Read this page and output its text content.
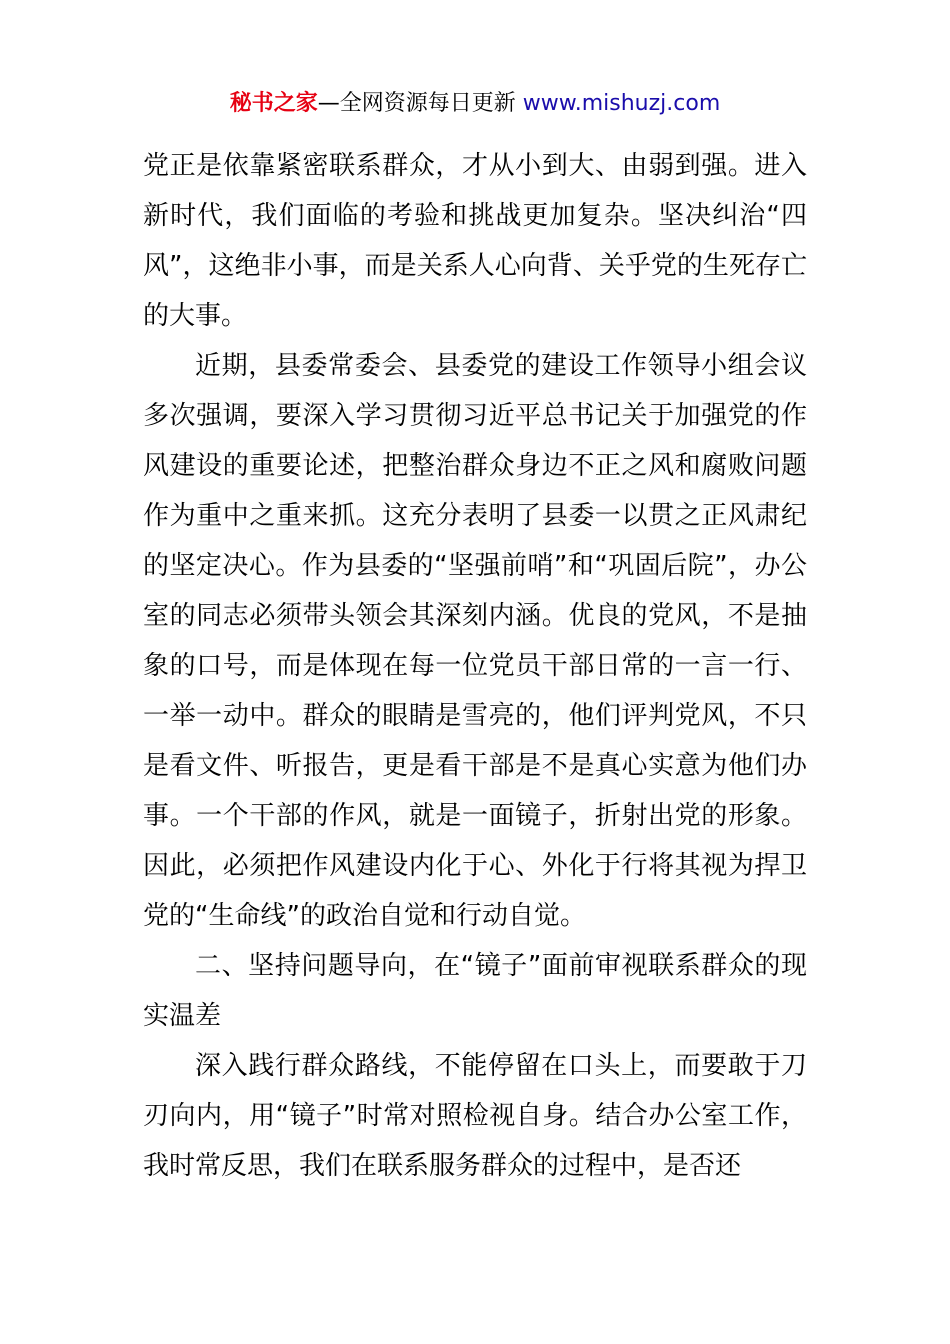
秘书之家—全网资源每日更新 www.mishuzj.com

党正是依靠紧密联系群众，才从小到大、由弱到强。进入新时代，我们面临的考验和挑战更加复杂。坚决纠治“四风”，这绝非小事，而是关系人心向背、关乎党的生死存亡的大事。

近期，县委常委会、县委党的建设工作领导小组会议多次强调，要深入学习贯彻习近平总书记关于加强党的作风建设的重要论述，把整治群众身边不正之风和腐败问题作为重中之重来抓。这充分表明了县委一以贯之正风肃纪的坚定决心。作为县委的“坚强前哨”和“巩固后院”，办公室的同志必须带头领会其深刻内涵。优良的党风，不是抽象的口号，而是体现在每一位党员干部日常的一言一行、一举一动中。群众的眼睛是雪亮的，他们评判党风，不只是看文件、听报告，更是看干部是不是真心实意为他们办事。一个干部的作风，就是一面镜子，折射出党的形象。因此，必须把作风建设内化于心、外化于行将其视为捍卫党的“生命线”的政治自觉和行动自觉。

二、坚持问题导向，在“镜子”面前审视联系群众的现实温差

深入践行群众路线，不能停留在口头上，而要敢于刀刃向内，用“镜子”时常对照检视自身。结合办公室工作，我时常反思，我们在联系服务群众的过程中，是否还
